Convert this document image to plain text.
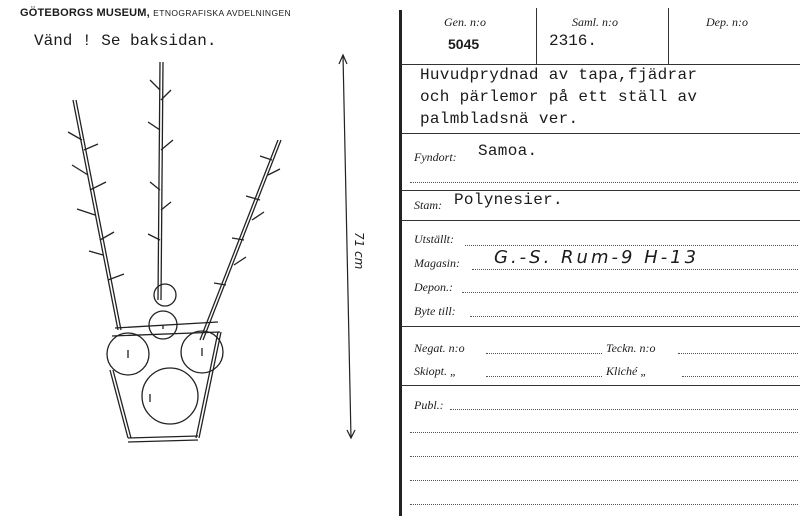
GÖTEBORGS MUSEUM, ETNOGRAFISKA AVDELNINGEN
Vänd ! Se baksidan.
71 cm
Gen. n:o
5045
Saml. n:o
2316.
Dep. n:o
Huvudprydnad av tapa,fjädrar
och pärlemor på ett ställ av
palmbladsnä ver.
Fyndort: Samoa.
Stam: Polynesier.
Utställt:
Magasin: G.-S. Rum-9 H-13
Depon.:
Byte till:
Negat. n:o	Teckn. n:o
Skiopt. „	Kliché „
Publ.:
